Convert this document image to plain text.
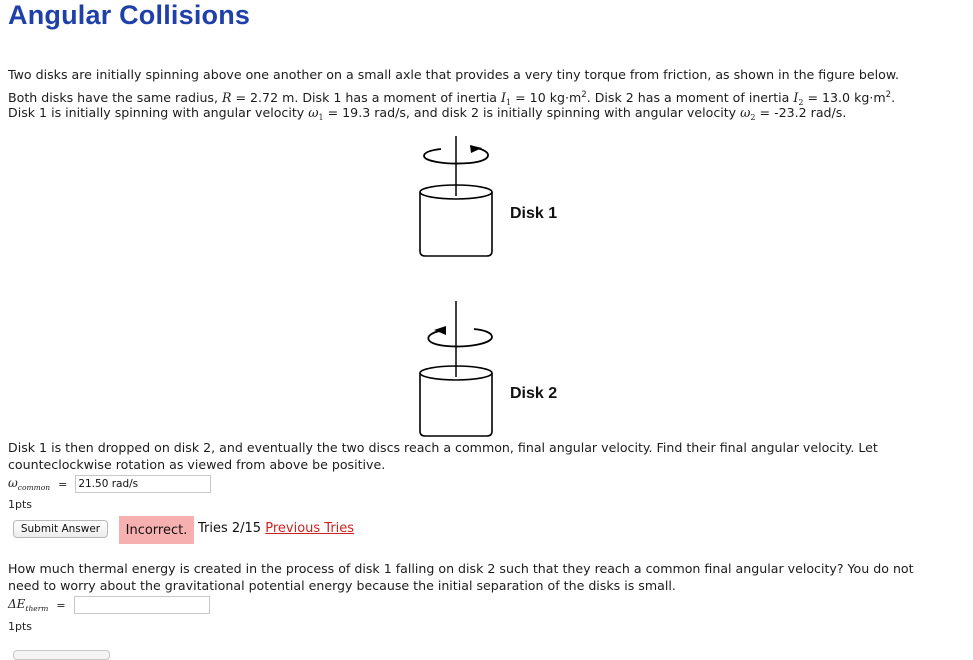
Angular Collisions
Two disks are initially spinning above one another on a small axle that provides a very tiny torque from friction, as shown in the figure below.
Both disks have the same radius, R = 2.72 m. Disk 1 has a moment of inertia $I_1 = 10$ $kg\cdot m^2$. Disk 2 has a moment of inertia $I_2 = 13.0$ $kg\cdot m^2$.
Disk 1 is initially spinning with angular velocity $\omega_1 = 19.3$ rad/s, and disk 2 is initially spinning with angular velocity $\omega_2 = -23.2$ rad/s.
Disk 1
Disk 2
Disk 1 is then dropped on disk 2, and eventually the two discs reach a common, final angular velocity. Find their final angular velocity. Let
counteclockwise rotation as viewed from above be positive.
$\omega_{common}$ =
21.50 rad/s
1pts
Submit Answer	Incorrect. Tries 2/15 Previous Tries
How much thermal energy is created in the process of disk 1 falling on disk 2 such that they reach a common final angular velocity? You do not
need to worry about the gravitational potential energy because the initial separation of the disks is small.
$\Delta E_{therm}$ =
1pts
